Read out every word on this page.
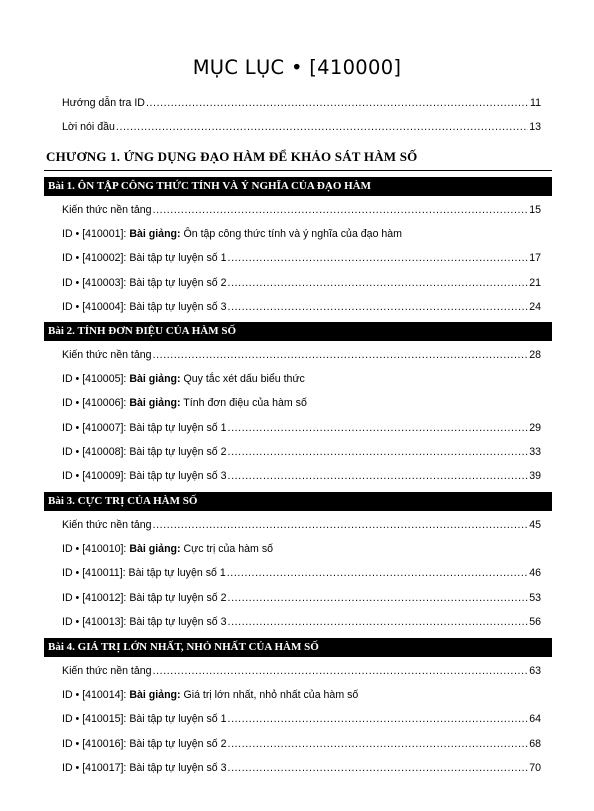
MỤC LỤC • [410000]
Hướng dẫn tra ID .....	11
Lời nói đầu .....	13
CHƯƠNG 1. ỨNG DỤNG ĐẠO HÀM ĐỂ KHẢO SÁT HÀM SỐ
Bài 1. ÔN TẬP CÔNG THỨC TÍNH VÀ Ý NGHĨA CỦA ĐẠO HÀM
Kiến thức nền tảng .....	15
ID • [410001]: Bài giảng: Ôn tập công thức tính và ý nghĩa của đạo hàm
ID • [410002]: Bài tập tự luyện số 1 .....	17
ID • [410003]: Bài tập tự luyện số 2 .....	21
ID • [410004]: Bài tập tự luyện số 3 .....	24
Bài 2. TÍNH ĐƠN ĐIỆU CỦA HÀM SỐ
Kiến thức nền tảng .....	28
ID • [410005]: Bài giảng: Quy tắc xét dấu biểu thức
ID • [410006]: Bài giảng: Tính đơn điệu của hàm số
ID • [410007]: Bài tập tự luyện số 1 .....	29
ID • [410008]: Bài tập tự luyện số 2 .....	33
ID • [410009]: Bài tập tự luyện số 3 .....	39
Bài 3. CỰC TRỊ CỦA HÀM SỐ
Kiến thức nền tảng .....	45
ID • [410010]: Bài giảng: Cực trị của hàm số
ID • [410011]: Bài tập tự luyện số 1 .....	46
ID • [410012]: Bài tập tự luyện số 2 .....	53
ID • [410013]: Bài tập tự luyện số 3 .....	56
Bài 4. GIÁ TRỊ LỚN NHẤT, NHỎ NHẤT CỦA HÀM SỐ
Kiến thức nền tảng .....	63
ID • [410014]: Bài giảng: Giá trị lớn nhất, nhỏ nhất của hàm số
ID • [410015]: Bài tập tự luyện số 1 .....	64
ID • [410016]: Bài tập tự luyện số 2 .....	68
ID • [410017]: Bài tập tự luyện số 3 .....	70
